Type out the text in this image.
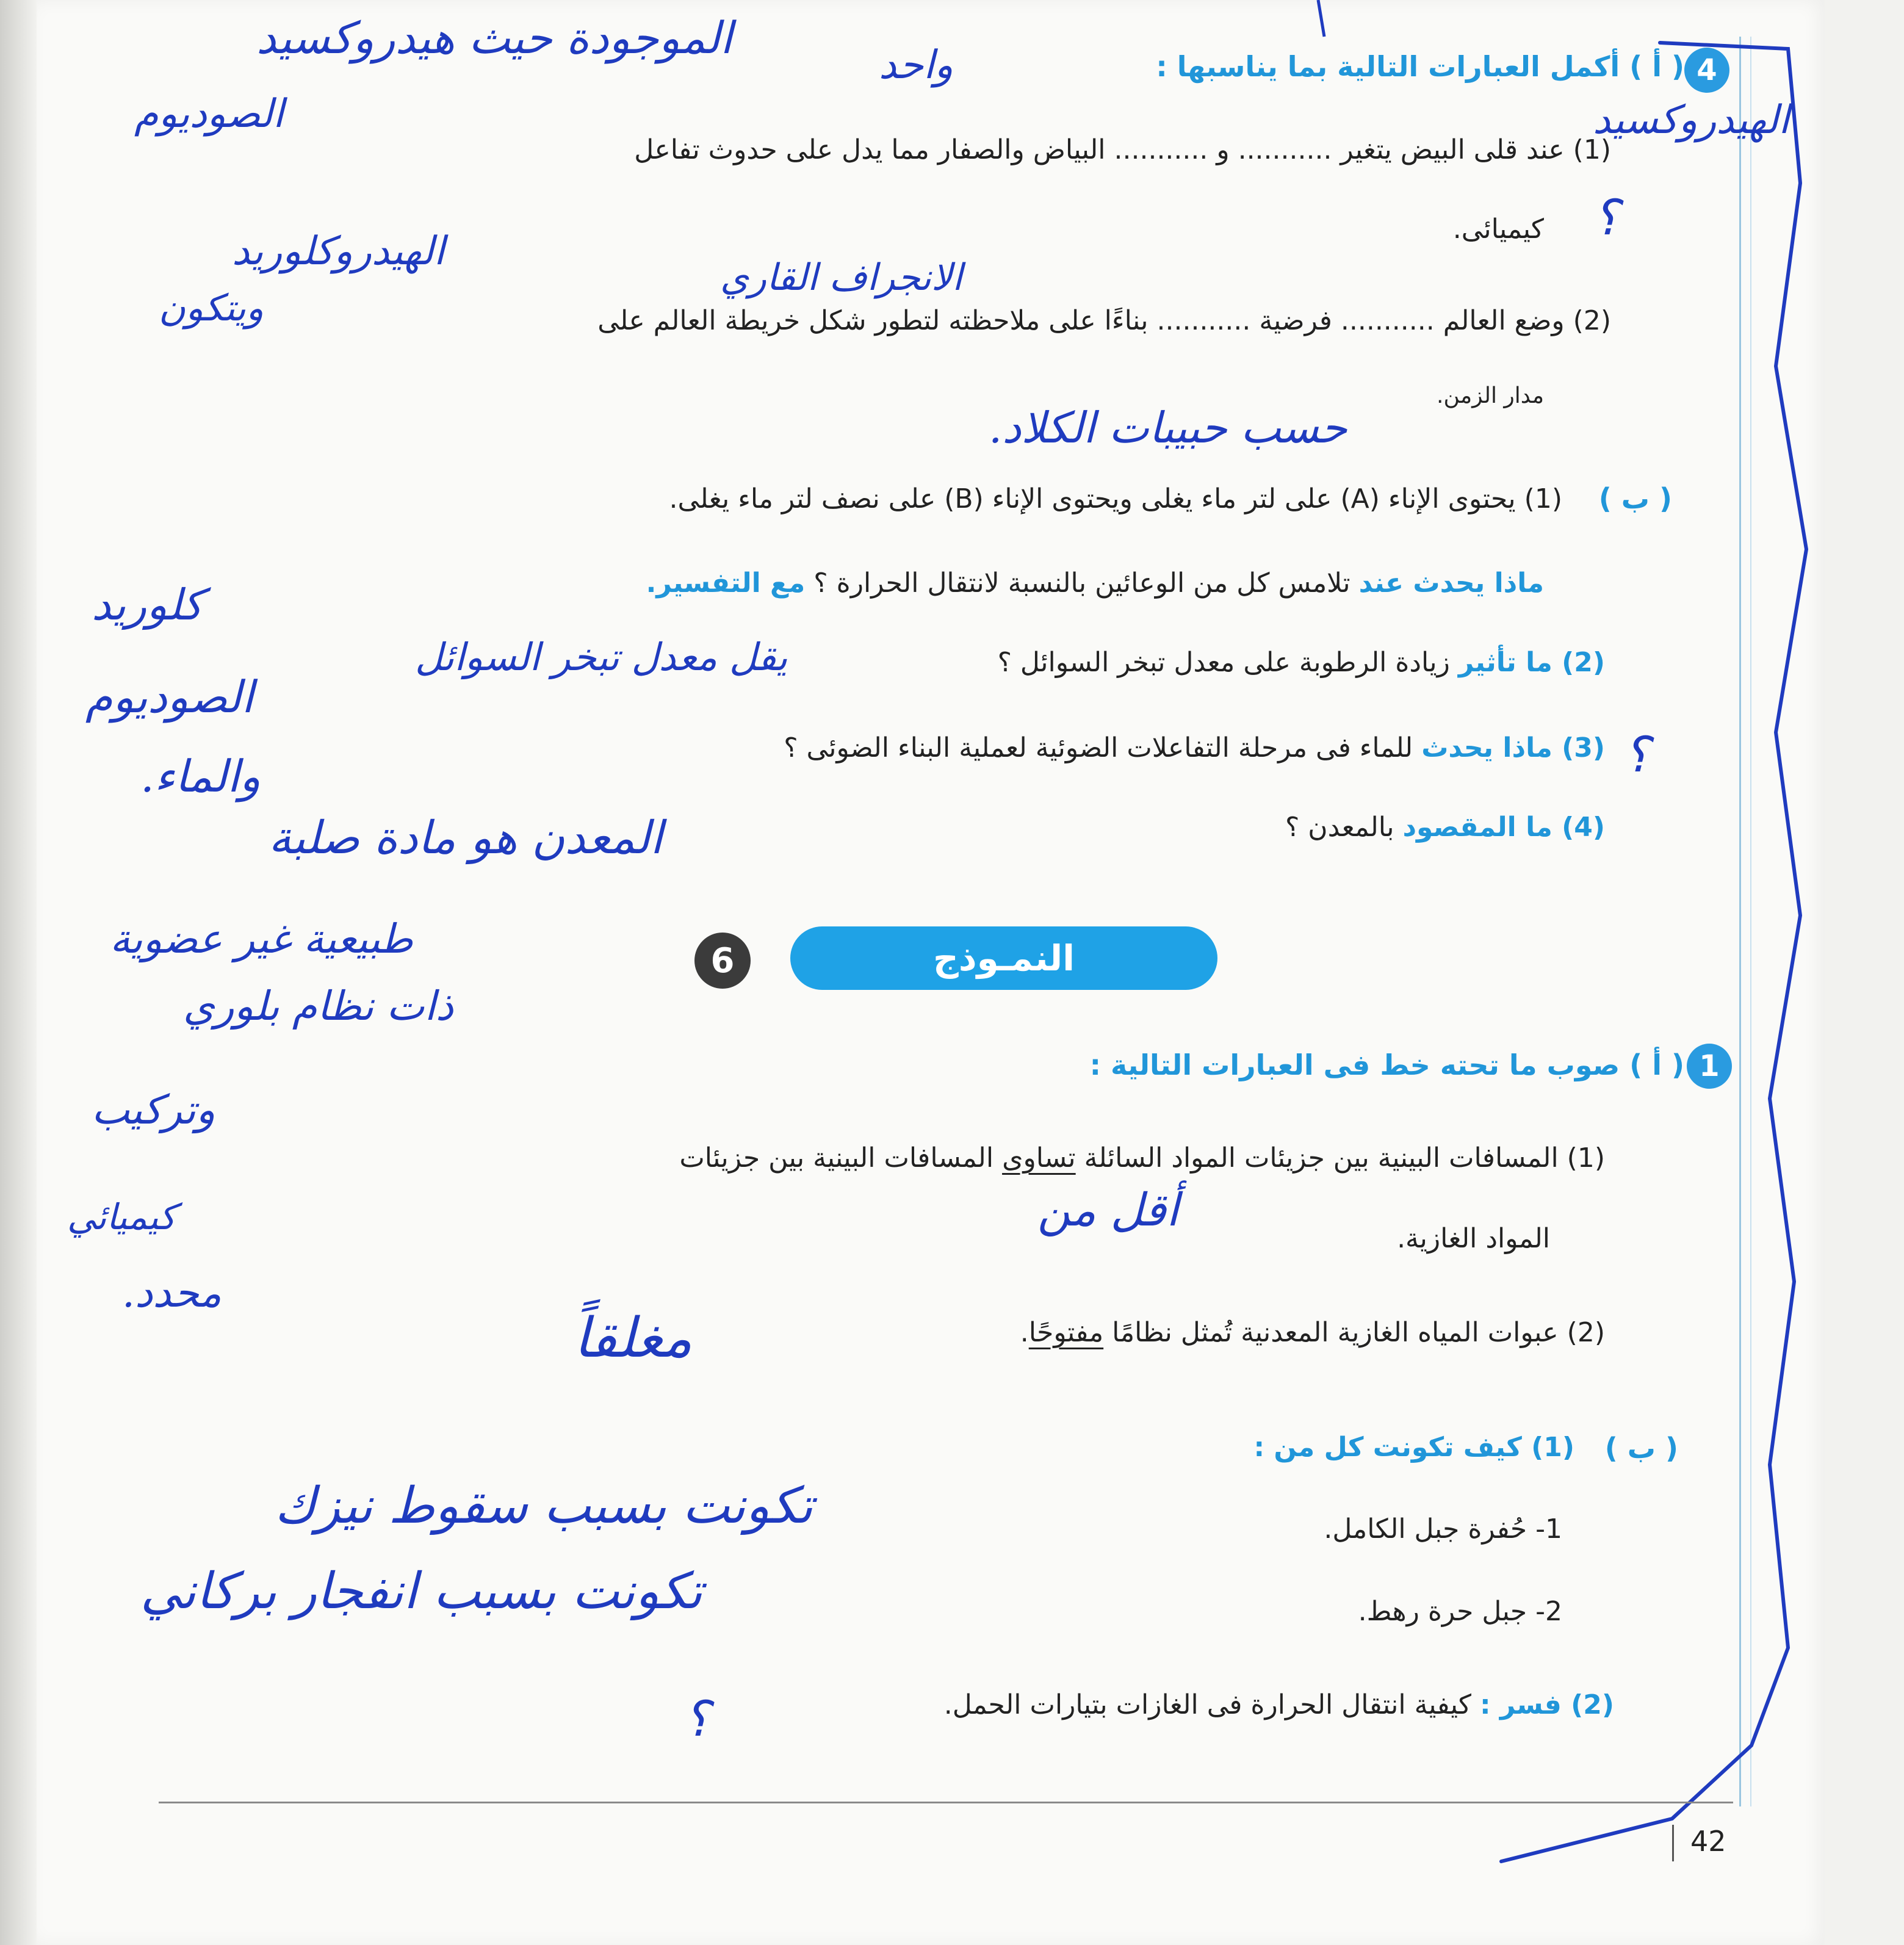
4
( أ ) أكمل العبارات التالية بما يناسبها :
(1) عند قلى البيض يتغير ........... و ........... البياض والصفار مما يدل على حدوث تفاعل
كيميائى.
(2) وضع العالم ........... فرضية ........... بناءًا على ملاحظته لتطور شكل خريطة العالم على
مدار الزمن.
( ب )
(1) يحتوى الإناء (A) على لتر ماء يغلى ويحتوى الإناء (B) على نصف لتر ماء يغلى.
ماذا يحدث عند تلامس كل من الوعائين بالنسبة لانتقال الحرارة ؟ مع التفسير.
(2) ما تأثير زيادة الرطوبة على معدل تبخر السوائل ؟
(3) ماذا يحدث للماء فى مرحلة التفاعلات الضوئية لعملية البناء الضوئى ؟
(4) ما المقصود بالمعدن ؟
النمـوذج
6
1
( أ ) صوب ما تحته خط فى العبارات التالية :
(1) المسافات البينية بين جزيئات المواد السائلة تساوى المسافات البينية بين جزيئات
المواد الغازية.
(2) عبوات المياه الغازية المعدنية تُمثل نظامًا مفتوحًا.
( ب )
(1) كيف تكونت كل من :
1- حُفرة جبل الكامل.
2- جبل حرة رهط.
(2) فسر : كيفية انتقال الحرارة فى الغازات بتيارات الحمل.
الموجودة حيث هيدروكسيد
الصوديوم
الهيدروكلوريد
ويتكون
الهيدروكسيد
واحد
الانجراف القاري
حسب حبيبات الكلاد.
كلوريد
يقل معدل تبخر السوائل
الصوديوم
والماء.
المعدن هو مادة صلبة
طبيعية غير عضوية
ذات نظام بلوري
وتركيب
كيميائي
محدد.
أقل من
مغلقاً
تكونت بسبب سقوط نيزك
تكونت بسبب انفجار بركاني
؟
؟
؟
42
